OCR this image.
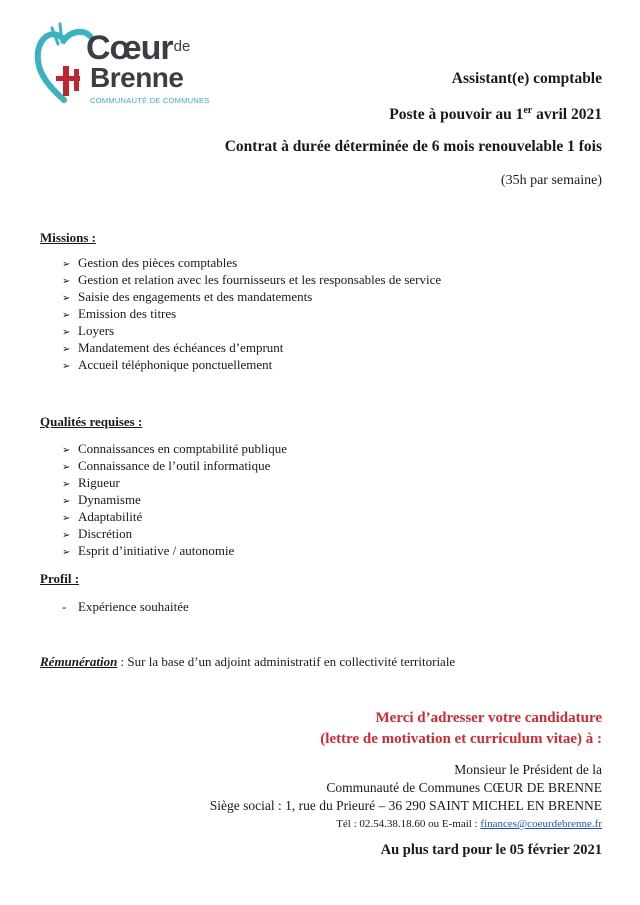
Cœur$^{de}$
Brenne
COMMUNAUTÉ DE COMMUNES
Assistant(e) comptable
Poste à pouvoir au 1er avril 2021
Contrat à durée déterminée de 6 mois renouvelable 1 fois
(35h par semaine)
Missions :
➢ Gestion des pièces comptables
➢ Gestion et relation avec les fournisseurs et les responsables de service
➢ Saisie des engagements et des mandatements
➢ Emission des titres
➢ Loyers
➢ Mandatement des échéances d’emprunt
➢ Accueil téléphonique ponctuellement
Qualités requises :
➢ Connaissances en comptabilité publique
➢ Connaissance de l’outil informatique
➢ Rigueur
➢ Dynamisme
➢ Adaptabilité
➢ Discrétion
➢ Esprit d’initiative / autonomie
Profil :
- Expérience souhaitée
Rémunération : Sur la base d’un adjoint administratif en collectivité territoriale
Merci d’adresser votre candidature
(lettre de motivation et curriculum vitae) à :
Monsieur le Président de la
Communauté de Communes CŒUR DE BRENNE
Siège social : 1, rue du Prieuré – 36 290 SAINT MICHEL EN BRENNE
Tél : 02.54.38.18.60 ou E-mail : finances@coeurdebrenne.fr
Au plus tard pour le 05 février 2021
